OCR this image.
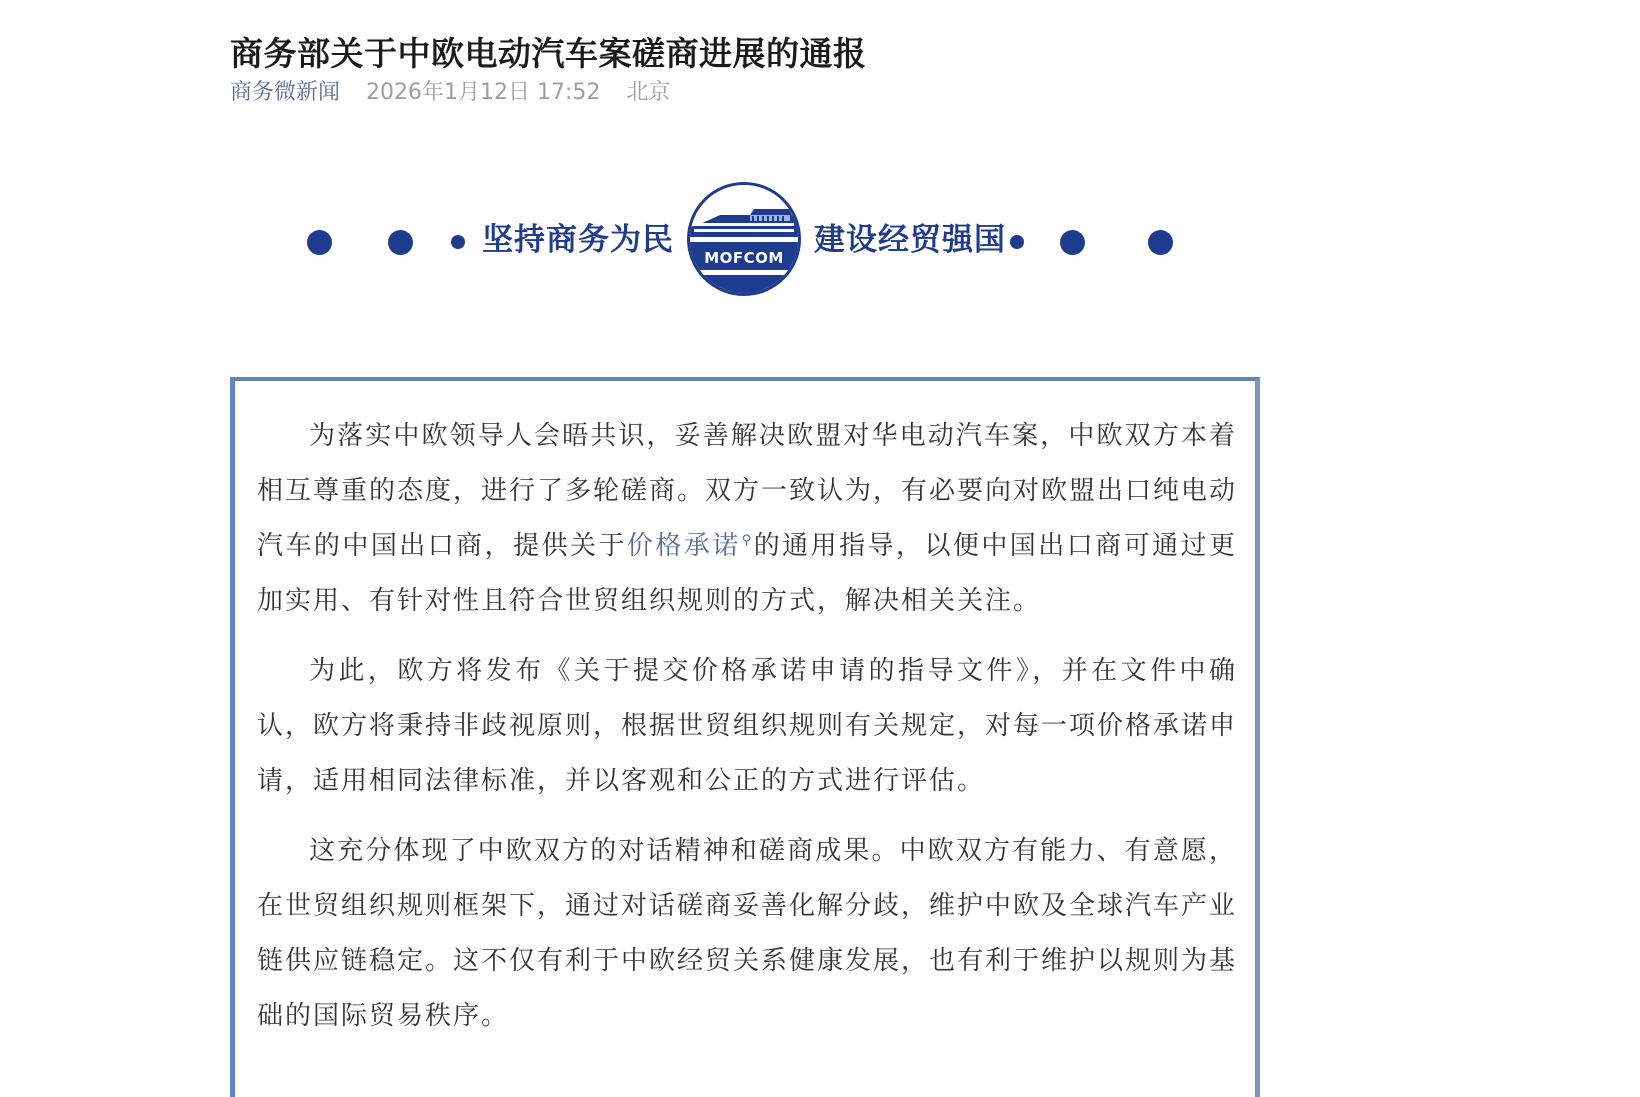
商务部关于中欧电动汽车案磋商进展的通报
商务微新闻 2026年1月12日 17:52 北京
坚持商务为民	MOFCOM 建设经贸强国

为落实中欧领导人会晤共识，妥善解决欧盟对华电动汽车案，中欧双方本着相互尊重的态度，进行了多轮磋商。双方一致认为，有必要向对欧盟出口纯电动汽车的中国出口商，提供关于价格承诺⚲的通用指导，以便中国出口商可通过更加实用、有针对性且符合世贸组织规则的方式，解决相关关注。

为此，欧方将发布《关于提交价格承诺申请的指导文件》，并在文件中确认，欧方将秉持非歧视原则，根据世贸组织规则有关规定，对每一项价格承诺申请，适用相同法律标准，并以客观和公正的方式进行评估。

这充分体现了中欧双方的对话精神和磋商成果。中欧双方有能力、有意愿，在世贸组织规则框架下，通过对话磋商妥善化解分歧，维护中欧及全球汽车产业链供应链稳定。这不仅有利于中欧经贸关系健康发展，也有利于维护以规则为基础的国际贸易秩序。
